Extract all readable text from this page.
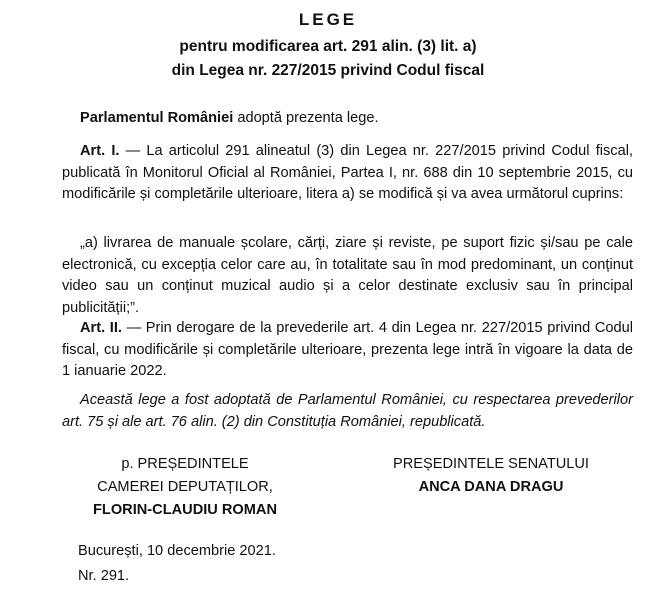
LEGE
pentru modificarea art. 291 alin. (3) lit. a)
din Legea nr. 227/2015 privind Codul fiscal
Parlamentul României adoptă prezenta lege.
Art. I. — La articolul 291 alineatul (3) din Legea nr. 227/2015 privind Codul fiscal, publicată în Monitorul Oficial al României, Partea I, nr. 688 din 10 septembrie 2015, cu modificările și completările ulterioare, litera a) se modifică și va avea următorul cuprins:
„a) livrarea de manuale școlare, cărți, ziare și reviste, pe suport fizic și/sau pe cale electronică, cu excepția celor care au, în totalitate sau în mod predominant, un conținut video sau un conținut muzical audio și a celor destinate exclusiv sau în principal publicității;”.
Art. II. — Prin derogare de la prevederile art. 4 din Legea nr. 227/2015 privind Codul fiscal, cu modificările și completările ulterioare, prezenta lege intră în vigoare la data de 1 ianuarie 2022.
Această lege a fost adoptată de Parlamentul României, cu respectarea prevederilor art. 75 și ale art. 76 alin. (2) din Constituția României, republicată.
p. PREȘEDINTELE
CAMEREI DEPUTAȚILOR,
FLORIN-CLAUDIU ROMAN
PREȘEDINTELE SENATULUI
ANCA DANA DRAGU
București, 10 decembrie 2021.
Nr. 291.
